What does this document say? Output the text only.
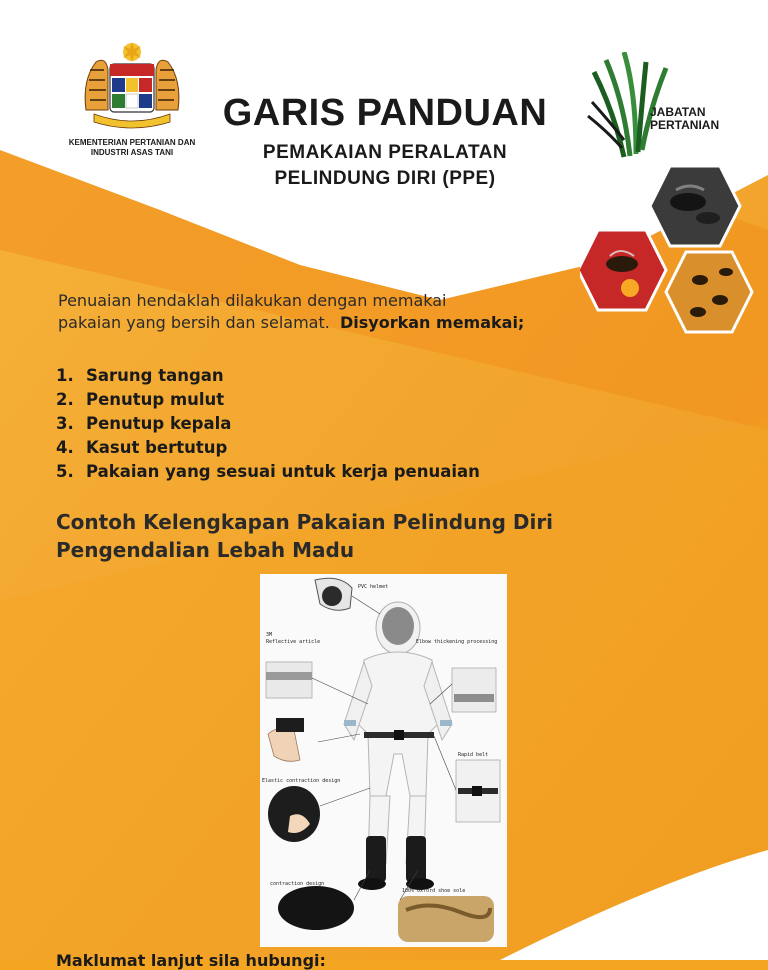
KEMENTERIAN PERTANIAN DAN
INDUSTRI ASAS TANI
GARIS PANDUAN
PEMAKAIAN PERALATAN
PELINDUNG DIRI (PPE)
JABATAN
PERTANIAN
Penuaian hendaklah dilakukan dengan memakai
pakaian yang bersih dan selamat. Disyorkan memakai;
1. Sarung tangan
2. Penutup mulut
3. Penutup kepala
4. Kasut bertutup
5. Pakaian yang sesuai untuk kerja penuaian
Contoh Kelengkapan Pakaian Pelindung Diri
Pengendalian Lebah Madu
PVC helmet
3M
Reflective article	Elbow thickening processing
Rapid belt
Elastic contraction design
contraction design
100% Oxford shoe sole
Maklumat lanjut sila hubungi:
